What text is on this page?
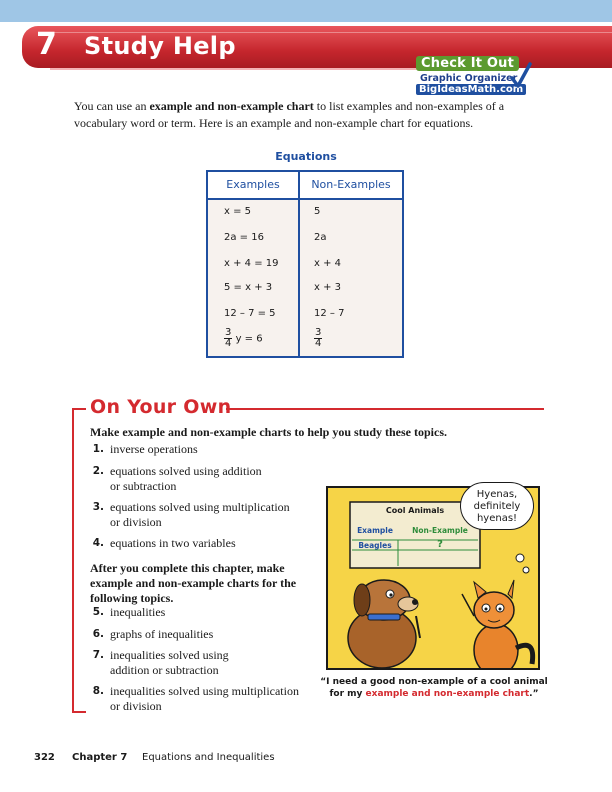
7 Study Help
Check It Out
Graphic Organizer
BigIdeasMath.com
You can use an example and non-example chart to list examples and non-examples of a vocabulary word or term. Here is an example and non-example chart for equations.
Equations
Examples	Non-Examples
x = 5	5
2a = 16	2a
x + 4 = 19	x + 4
5 = x + 3	x + 3
12 – 7 = 5	12 – 7
$\frac{3}{4}$ y = 6	$\frac{3}{4}$
On Your Own
Make example and non-example charts to help you study these topics.
1. inverse operations
2. equations solved using addition or subtraction
3. equations solved using multiplication or division
4. equations in two variables
After you complete this chapter, make example and non-example charts for the following topics.
5. inequalities
6. graphs of inequalities
7. inequalities solved using addition or subtraction
8. inequalities solved using multiplication or division
Cool Animals
Example	Non-Example
Beagles	?
Hyenas, definitely hyenas!
“I need a good non-example of a cool animal for my example and non-example chart.”
322 Chapter 7 Equations and Inequalities
